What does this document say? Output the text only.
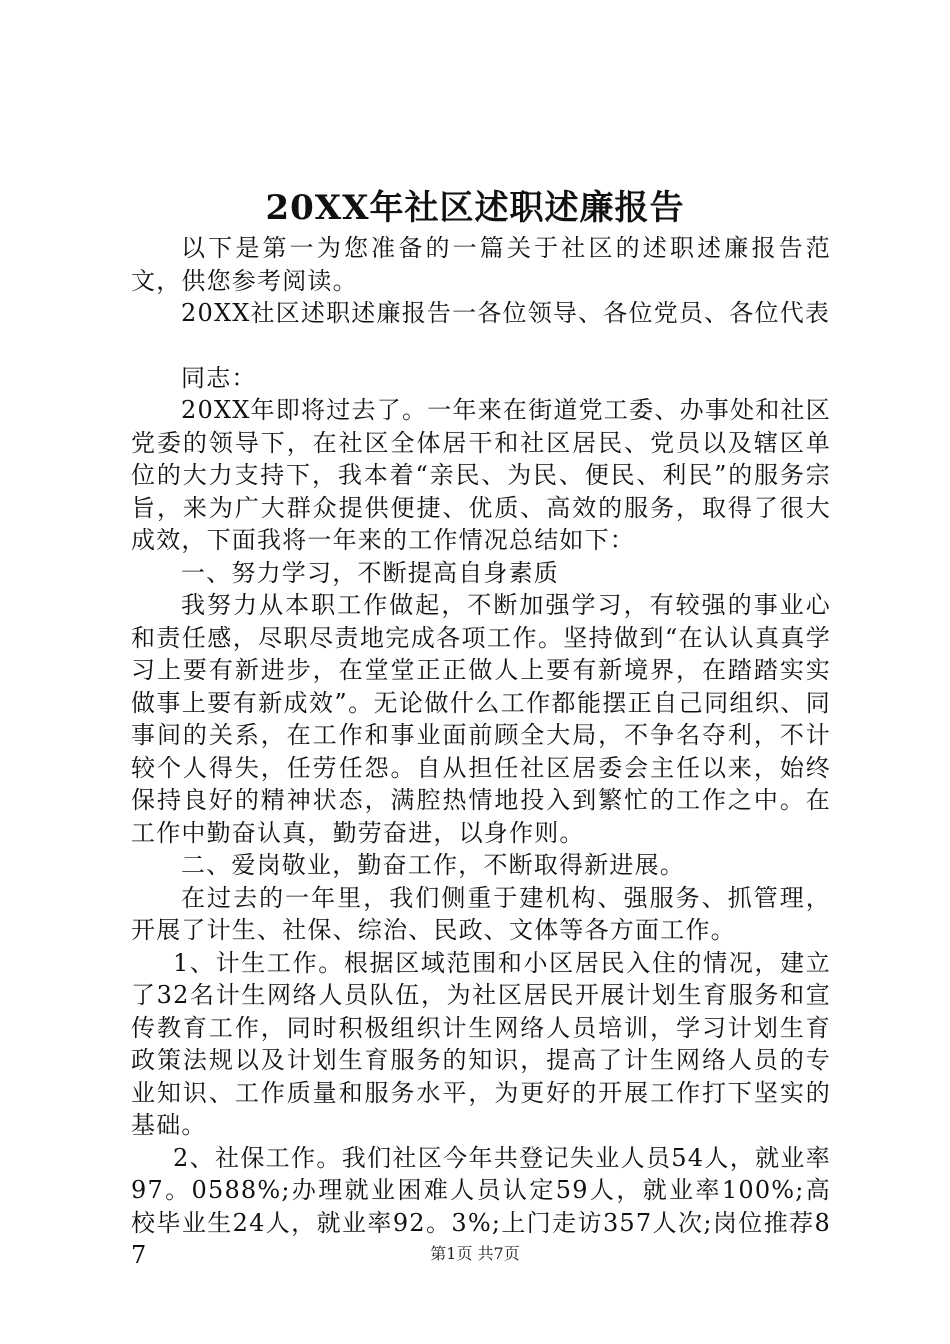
20XX年社区述职述廉报告

以下是第一为您准备的一篇关于社区的述职述廉报告范文，供您参考阅读。

20XX社区述职述廉报告一各位领导、各位党员、各位代表

同志：

20XX年即将过去了。一年来在街道党工委、办事处和社区党委的领导下，在社区全体居干和社区居民、党员以及辖区单位的大力支持下，我本着“亲民、为民、便民、利民”的服务宗旨，来为广大群众提供便捷、优质、高效的服务，取得了很大成效，下面我将一年来的工作情况总结如下：

一、努力学习，不断提高自身素质

我努力从本职工作做起，不断加强学习，有较强的事业心和责任感，尽职尽责地完成各项工作。坚持做到“在认认真真学习上要有新进步，在堂堂正正做人上要有新境界，在踏踏实实做事上要有新成效”。无论做什么工作都能摆正自己同组织、同事间的关系，在工作和事业面前顾全大局，不争名夺利，不计较个人得失，任劳任怨。自从担任社区居委会主任以来，始终保持良好的精神状态，满腔热情地投入到繁忙的工作之中。在工作中勤奋认真，勤劳奋进，以身作则。

二、爱岗敬业，勤奋工作，不断取得新进展。

在过去的一年里，我们侧重于建机构、强服务、抓管理，开展了计生、社保、综治、民政、文体等各方面工作。

1、计生工作。根据区域范围和小区居民入住的情况，建立了32名计生网络人员队伍，为社区居民开展计划生育服务和宣传教育工作，同时积极组织计生网络人员培训，学习计划生育政策法规以及计划生育服务的知识，提高了计生网络人员的专业知识、工作质量和服务水平，为更好的开展工作打下坚实的基础。

2、社保工作。我们社区今年共登记失业人员54人，就业率97。0588%;办理就业困难人员认定59人，就业率100%;高校毕业生24人，就业率92。3%;上门走访357人次;岗位推荐87	第1页 共7页
